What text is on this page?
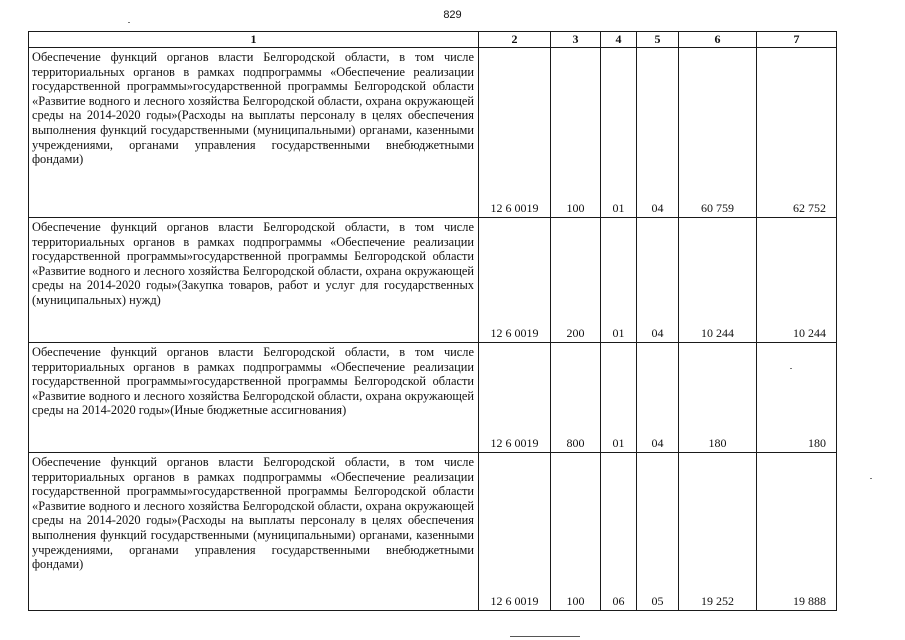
829
1	2	3	4	5	6	7
Обеспечение функций органов власти Белгородской области, в том числе территориальных органов в рамках подпрограммы «Обеспечение реализации государственной программы»государственной программы Белгородской области «Развитие водного и лесного хозяйства Белгородской области, охрана окружающей среды на 2014-2020 годы»(Расходы на выплаты персоналу в целях обеспечения выполнения функций государственными (муниципальными) органами, казенными учреждениями, органами управления государственными внебюджетными фондами)	12 6 0019	100	01	04	60 759	62 752
Обеспечение функций органов власти Белгородской области, в том числе территориальных органов в рамках подпрограммы «Обеспечение реализации государственной программы»государственной программы Белгородской области «Развитие водного и лесного хозяйства Белгородской области, охрана окружающей среды на 2014-2020 годы»(Закупка товаров, работ и услуг для государственных (муниципальных) нужд)	12 6 0019	200	01	04	10 244	10 244
Обеспечение функций органов власти Белгородской области, в том числе территориальных органов в рамках подпрограммы «Обеспечение реализации государственной программы»государственной программы Белгородской области «Развитие водного и лесного хозяйства Белгородской области, охрана окружающей среды на 2014-2020 годы»(Иные бюджетные ассигнования)	12 6 0019	800	01	04	180	180
Обеспечение функций органов власти Белгородской области, в том числе территориальных органов в рамках подпрограммы «Обеспечение реализации государственной программы»государственной программы Белгородской области «Развитие водного и лесного хозяйства Белгородской области, охрана окружающей среды на 2014-2020 годы»(Расходы на выплаты персоналу в целях обеспечения выполнения функций государственными (муниципальными) органами, казенными учреждениями, органами управления государственными внебюджетными фондами)	12 6 0019	100	06	05	19 252	19 888
